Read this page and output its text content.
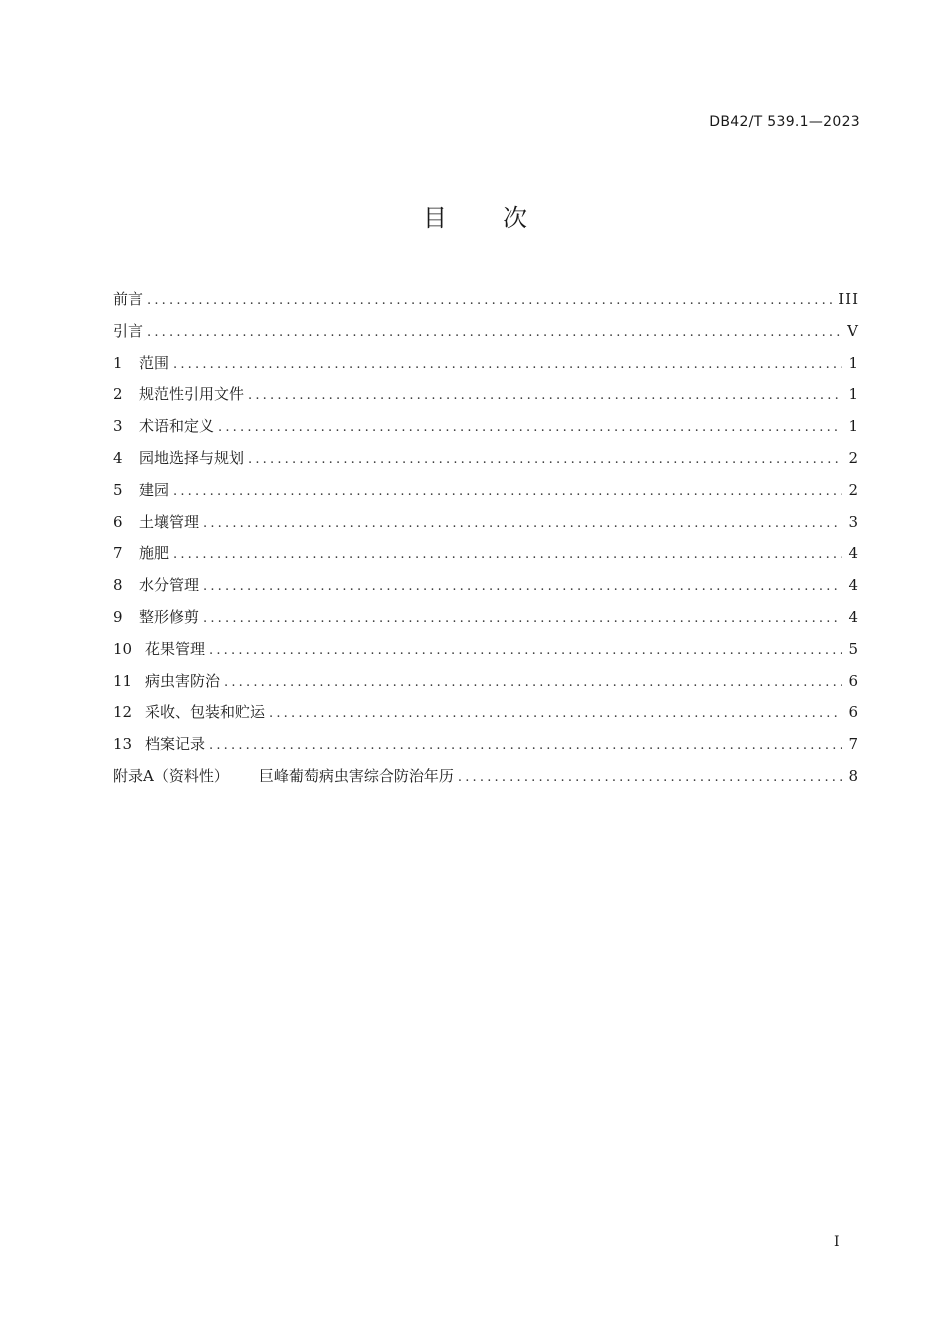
DB42/T 539.1—2023
目 次
前言 .....	III
引言 .....	V
1	范围 .....	1
2	规范性引用文件 .....	1
3	术语和定义 .....	1
4	园地选择与规划 .....	2
5	建园 .....	2
6	土壤管理 .....	3
7	施肥 .....	4
8	水分管理 .....	4
9	整形修剪 .....	4
10 花果管理 .....	5
11 病虫害防治 .....	6
12 采收、包装和贮运 .....	6
13 档案记录 .....	7
附录A（资料性） 巨峰葡萄病虫害综合防治年历 .....	8
I
